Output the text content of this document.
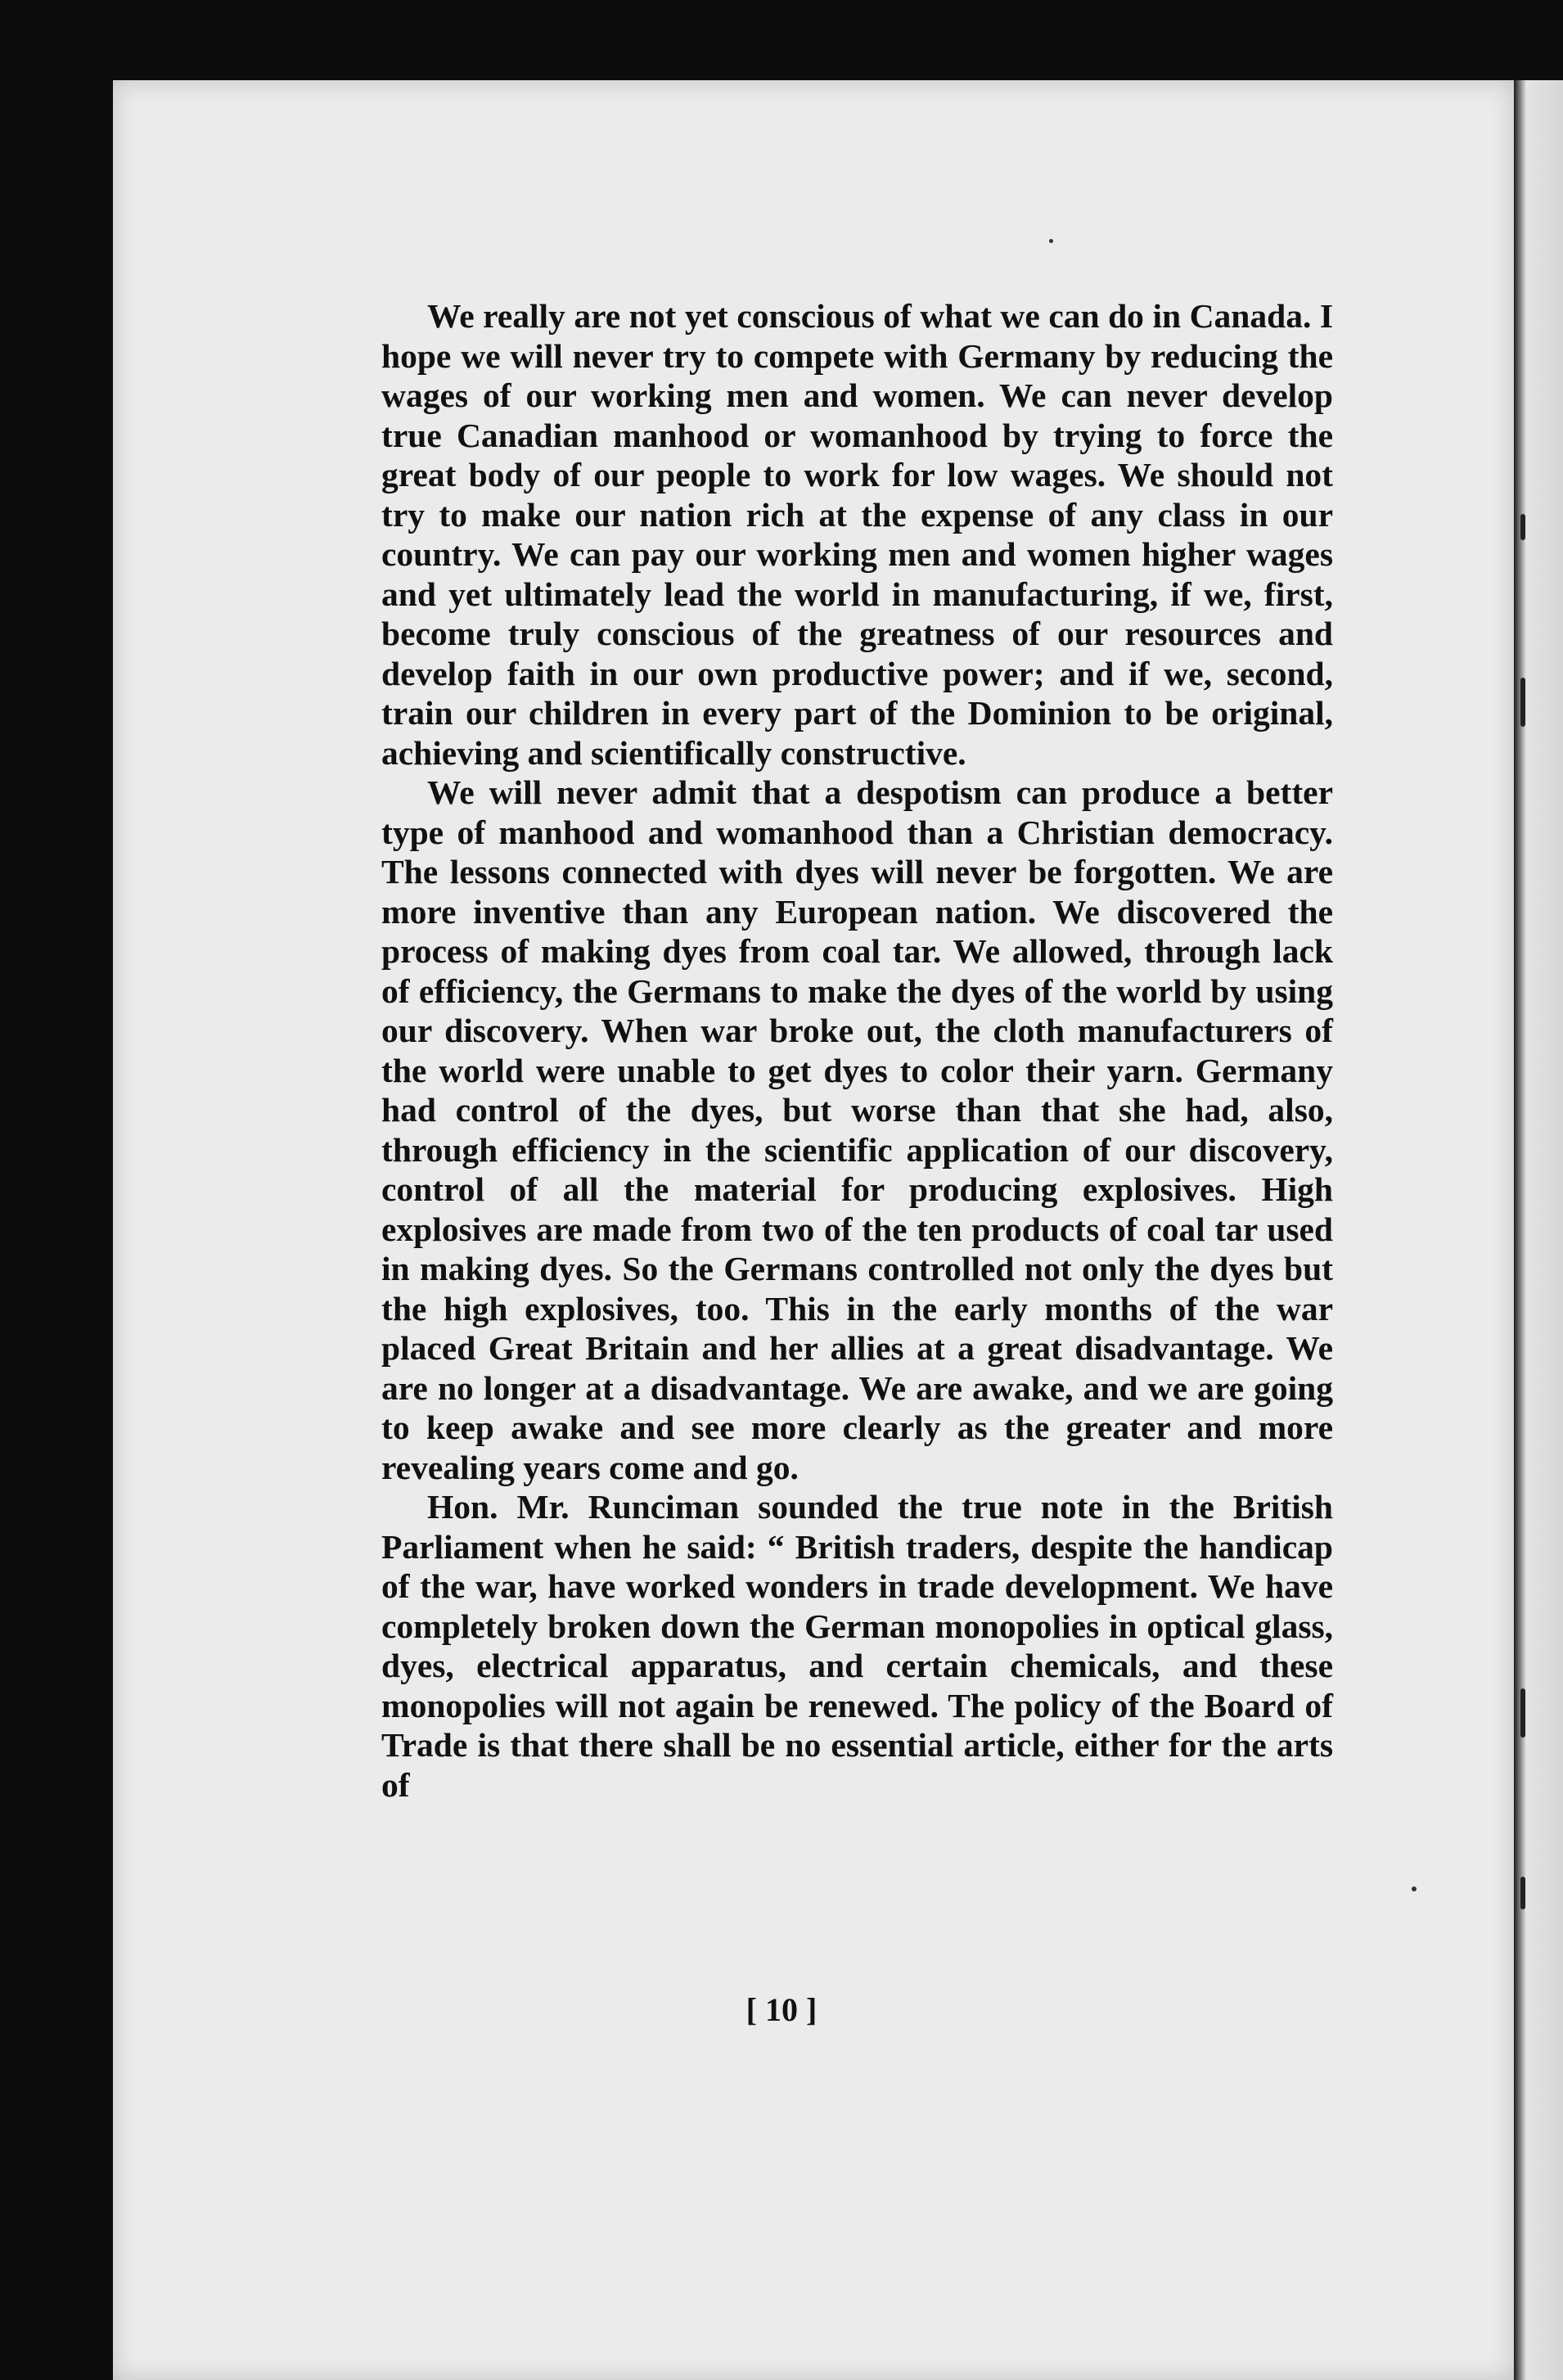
We really are not yet conscious of what we can do in Canada. I hope we will never try to compete with Germany by reducing the wages of our working men and women. We can never develop true Canadian manhood or womanhood by trying to force the great body of our people to work for low wages. We should not try to make our nation rich at the expense of any class in our country. We can pay our working men and women higher wages and yet ultimately lead the world in manufacturing, if we, first, become truly conscious of the greatness of our resources and develop faith in our own productive power; and if we, second, train our children in every part of the Dominion to be original, achieving and scientifically constructive.

We will never admit that a despotism can produce a better type of manhood and womanhood than a Christian democracy. The lessons connected with dyes will never be forgotten. We are more inventive than any European nation. We discovered the process of making dyes from coal tar. We allowed, through lack of efficiency, the Germans to make the dyes of the world by using our discovery. When war broke out, the cloth manufacturers of the world were unable to get dyes to color their yarn. Germany had control of the dyes, but worse than that she had, also, through efficiency in the scientific application of our discovery, control of all the material for producing explosives. High explosives are made from two of the ten products of coal tar used in making dyes. So the Germans controlled not only the dyes but the high explosives, too. This in the early months of the war placed Great Britain and her allies at a great disadvantage. We are no longer at a disadvantage. We are awake, and we are going to keep awake and see more clearly as the greater and more revealing years come and go.

Hon. Mr. Runciman sounded the true note in the British Parliament when he said: “ British traders, despite the handicap of the war, have worked wonders in trade development. We have completely broken down the German monopolies in optical glass, dyes, electrical apparatus, and certain chemicals, and these monopolies will not again be renewed. The policy of the Board of Trade is that there shall be no essential article, either for the arts of

[ 10 ]
